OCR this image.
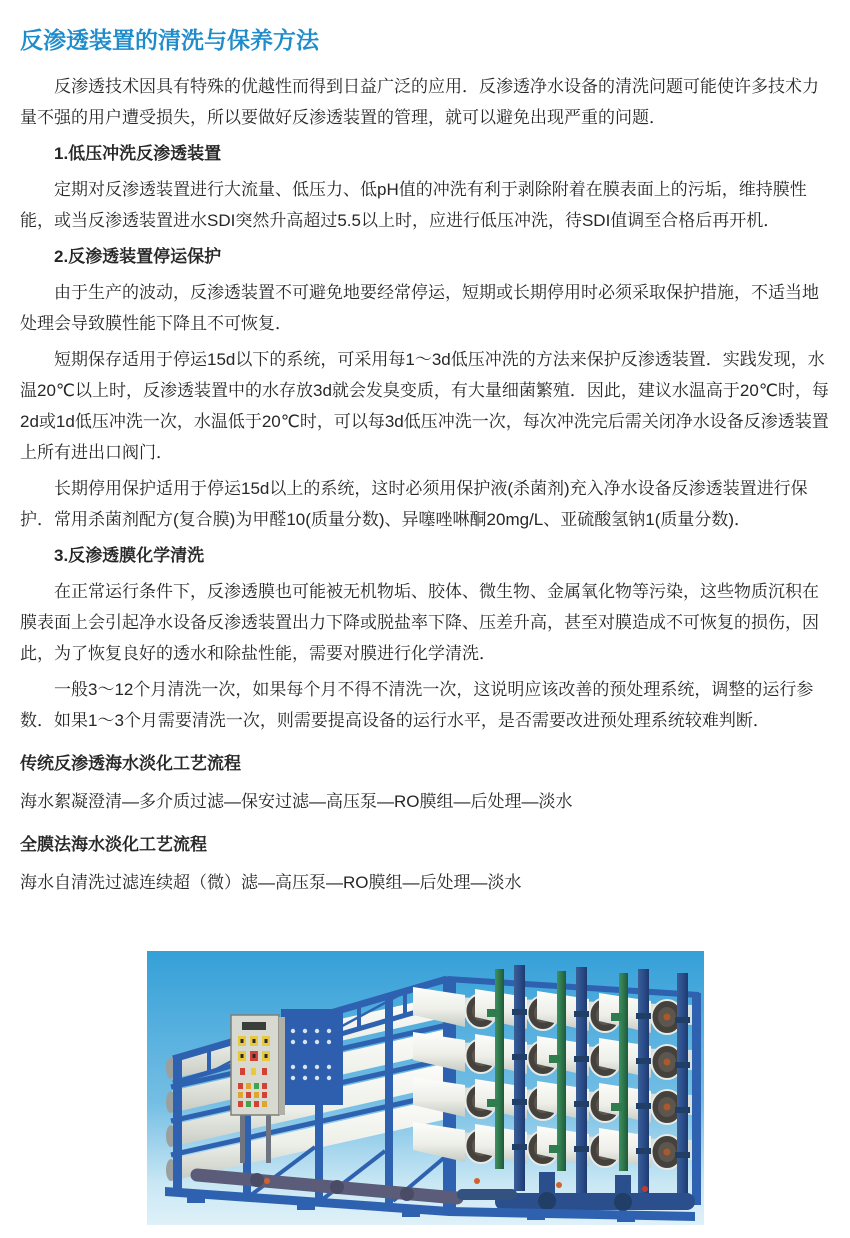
反渗透装置的清洗与保养方法

反渗透技术因具有特殊的优越性而得到日益广泛的应用．反渗透净水设备的清洗问题可能使许多技术力量不强的用户遭受损失，所以要做好反渗透装置的管理，就可以避免出现严重的问题．

1.低压冲洗反渗透装置

定期对反渗透装置进行大流量、低压力、低pH值的冲洗有利于剥除附着在膜表面上的污垢，维持膜性能，或当反渗透装置进水SDI突然升高超过5.5以上时，应进行低压冲洗，待SDI值调至合格后再开机．

2.反渗透装置停运保护

由于生产的波动，反渗透装置不可避免地要经常停运，短期或长期停用时必须采取保护措施，不适当地处理会导致膜性能下降且不可恢复．

短期保存适用于停运15d以下的系统，可采用每1～3d低压冲洗的方法来保护反渗透装置．实践发现，水温20℃以上时，反渗透装置中的水存放3d就会发臭变质，有大量细菌繁殖．因此，建议水温高于20℃时，每2d或1d低压冲洗一次，水温低于20℃时，可以每3d低压冲洗一次，每次冲洗完后需关闭净水设备反渗透装置上所有进出口阀门．

长期停用保护适用于停运15d以上的系统，这时必须用保护液(杀菌剂)充入净水设备反渗透装置进行保护．常用杀菌剂配方(复合膜)为甲醛10(质量分数)、异噻唑啉酮20mg/L、亚硫酸氢钠1(质量分数)．

3.反渗透膜化学清洗

在正常运行条件下，反渗透膜也可能被无机物垢、胶体、微生物、金属氧化物等污染，这些物质沉积在膜表面上会引起净水设备反渗透装置出力下降或脱盐率下降、压差升高，甚至对膜造成不可恢复的损伤，因此，为了恢复良好的透水和除盐性能，需要对膜进行化学清洗．

一般3～12个月清洗一次，如果每个月不得不清洗一次，这说明应该改善的预处理系统，调整的运行参数．如果1～3个月需要清洗一次，则需要提高设备的运行水平，是否需要改进预处理系统较难判断．

传统反渗透海水淡化工艺流程

海水絮凝澄清—多介质过滤—保安过滤—高压泵—RO膜组—后处理—淡水

全膜法海水淡化工艺流程

海水自清洗过滤连续超（微）滤—高压泵—RO膜组—后处理—淡水
